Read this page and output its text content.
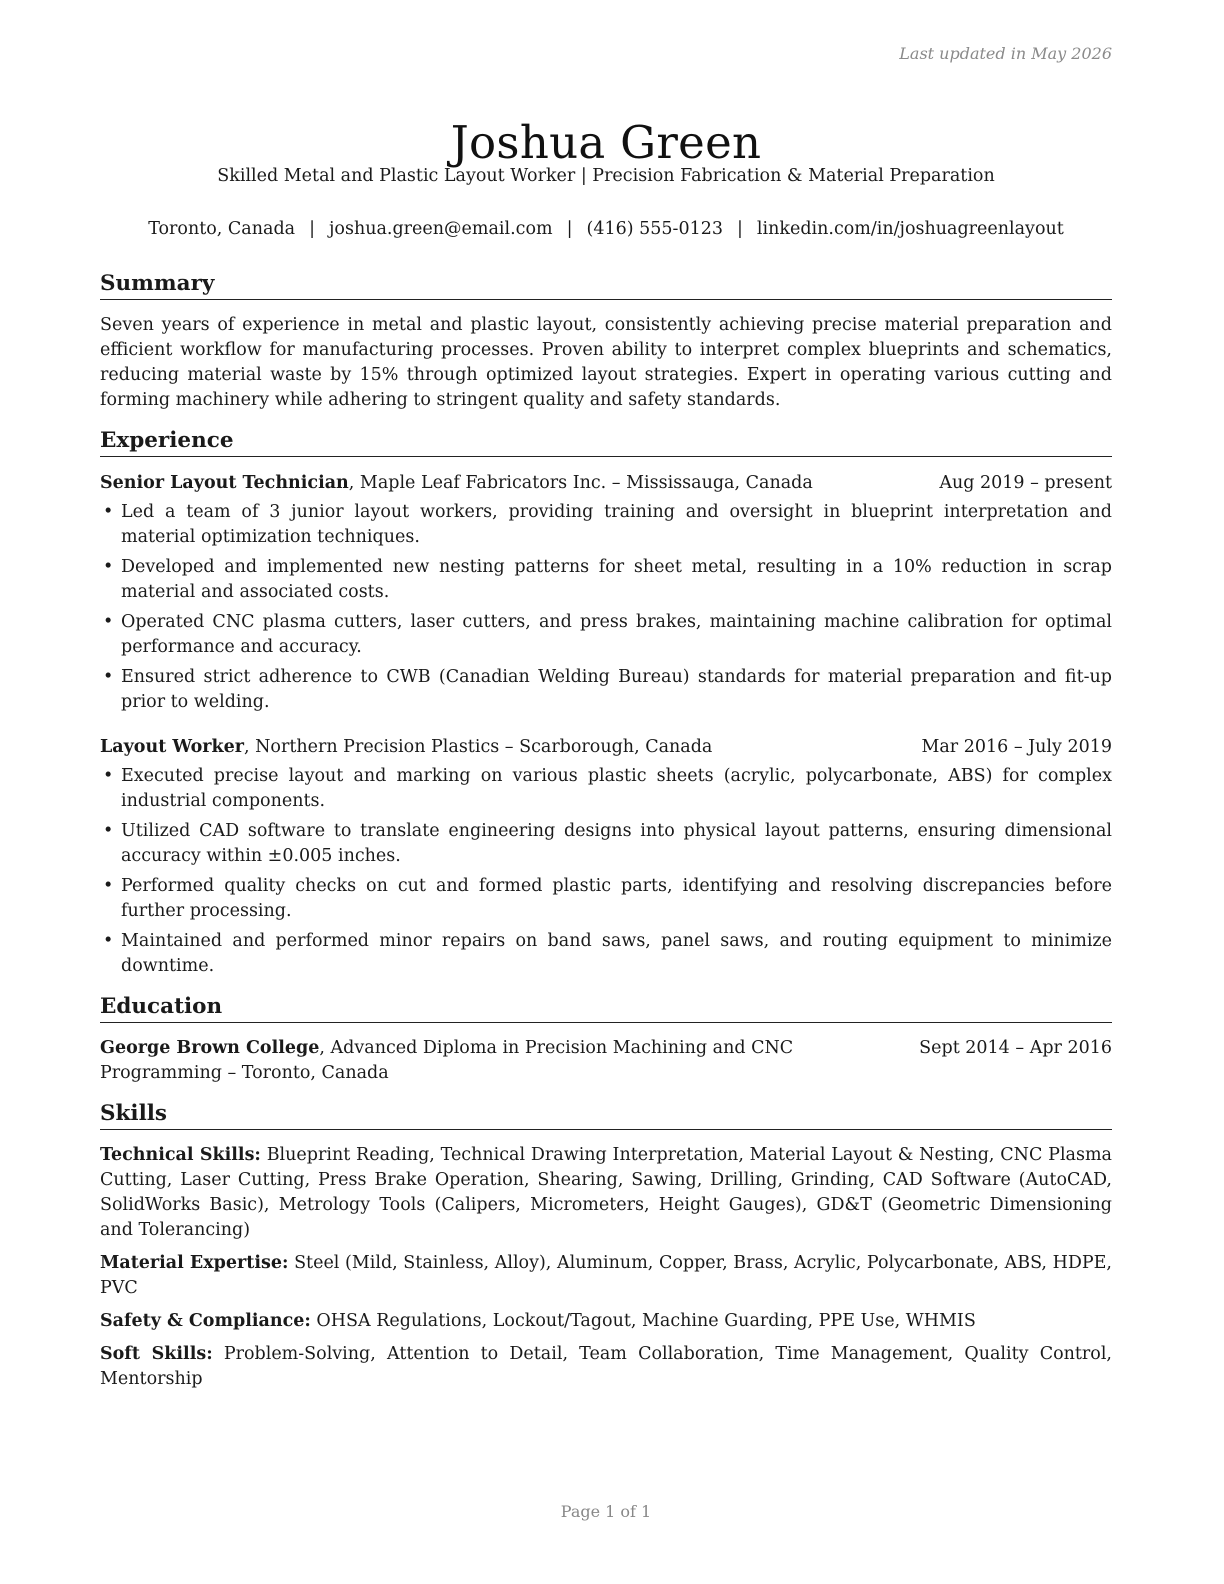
Last updated in May 2026
Joshua Green
Skilled Metal and Plastic Layout Worker | Precision Fabrication & Material Preparation
Toronto, Canada | joshua.green@email.com | (416) 555-0123 | linkedin.com/in/joshuagreenlayout
Summary

Seven years of experience in metal and plastic layout, consistently achieving precise material preparation and efficient workflow for manufacturing processes. Proven ability to interpret complex blueprints and schematics, reducing material waste by 15% through optimized layout strategies. Expert in operating various cutting and forming machinery while adhering to stringent quality and safety standards.

Experience
Senior Layout Technician, Maple Leaf Fabricators Inc. – Mississauga, Canada	Aug 2019 – present
• Led a team of 3 junior layout workers, providing training and oversight in blueprint interpretation and material optimization techniques.
• Developed and implemented new nesting patterns for sheet metal, resulting in a 10% reduction in scrap material and associated costs.
• Operated CNC plasma cutters, laser cutters, and press brakes, maintaining machine calibration for optimal performance and accuracy.
• Ensured strict adherence to CWB (Canadian Welding Bureau) standards for material preparation and fit-up prior to welding.
Layout Worker, Northern Precision Plastics – Scarborough, Canada	Mar 2016 – July 2019
• Executed precise layout and marking on various plastic sheets (acrylic, polycarbonate, ABS) for complex industrial components.
• Utilized CAD software to translate engineering designs into physical layout patterns, ensuring dimensional accuracy within ±0.005 inches.
• Performed quality checks on cut and formed plastic parts, identifying and resolving discrepancies before further processing.
• Maintained and performed minor repairs on band saws, panel saws, and routing equipment to minimize downtime.
Education
George Brown College, Advanced Diploma in Precision Machining and CNC Programming – Toronto, Canada
Sept 2014 – Apr 2016
Skills
Technical Skills: Blueprint Reading, Technical Drawing Interpretation, Material Layout & Nesting, CNC Plasma Cutting, Laser Cutting, Press Brake Operation, Shearing, Sawing, Drilling, Grinding, CAD Software (AutoCAD, SolidWorks Basic), Metrology Tools (Calipers, Micrometers, Height Gauges), GD&T (Geometric Dimensioning and Tolerancing)
Material Expertise: Steel (Mild, Stainless, Alloy), Aluminum, Copper, Brass, Acrylic, Polycarbonate, ABS, HDPE, PVC
Safety & Compliance: OHSA Regulations, Lockout/Tagout, Machine Guarding, PPE Use, WHMIS
Soft Skills: Problem-Solving, Attention to Detail, Team Collaboration, Time Management, Quality Control, Mentorship
Page 1 of 1
